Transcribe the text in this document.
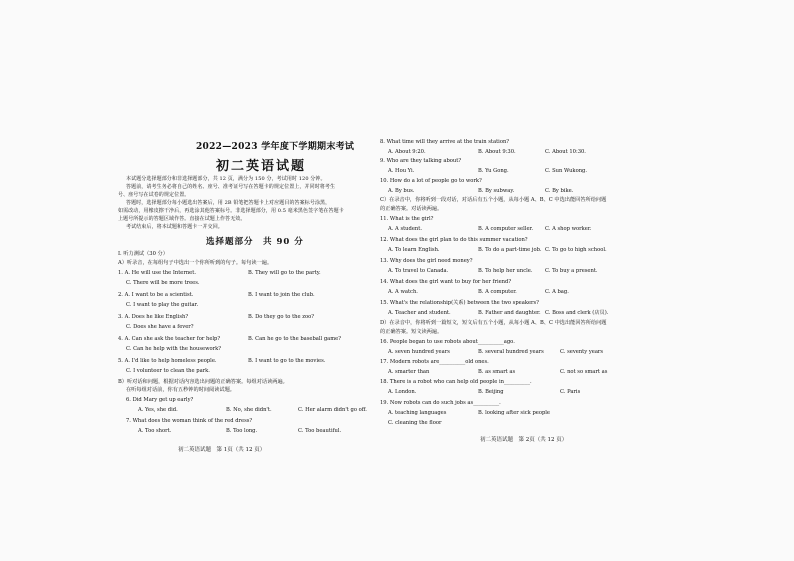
2022—2023 学年度下学期期末考试
初二英语试题
本试题分选择题部分和非选择题部分，共 12 页，满分为 150 分，考试用时 120 分钟。
答题前，请考生务必将自己的姓名、座号、准考证号写在答题卡的规定位置上，并同时将考生
号、座号写在试卷的规定位置。
答题时，选择题部分每小题选出答案后，用 2B 铅笔把答题卡上对应题目的答案标号涂黑，
如需改动，用橡皮擦干净后，再选涂其他答案标号。非选择题部分，用 0.5 毫米黑色签字笔在答题卡
上题号所提示的答题区域作答。直接在试题上作答无效。
考试结束后，将本试题和答题卡一并交回。
选择题部分　共 90 分
Ⅰ. 听力测试（30 分）
A）听录音，在每组句子中选出一个你所听到的句子。每句读一遍。
1. A. He will use the Internet.	B. They will go to the party.
C. There will be more trees.
2. A. I want to be a scientist.	B. I want to join the club.
C. I want to play the guitar.
3. A. Does he like English?	B. Do they go to the zoo?
C. Does she have a fever?
4. A. Can she ask the teacher for help?	B. Can he go to the baseball game?
C. Can he help with the housework?
5. A. I'd like to help homeless people.	B. I want to go to the movies.
C. I volunteer to clean the park.
B）听对话和问题，根据对话内容选出问题的正确答案。每组对话读两遍。
在听每组对话前，你有五秒钟的时间阅读试题。
6. Did Mary get up early?
A. Yes, she did.	B. No, she didn't.	C. Her alarm didn't go off.
7. What does the woman think of the red dress?
A. Too short.	B. Too long.	C. Too beautiful.
初二英语试题　第 1页（共 12 页）
8. What time will they arrive at the train station?
A. About 9:20.	B. About 9:30.	C. About 10:30.
9. Who are they talking about?
A. Hou Yi.	B. Yu Gong.	C. Sun Wukong.
10. How do a lot of people go to work?
A. By bus.	B. By subway.	C. By bike.
C）在录音中，你将听到一段对话，对话后有五个小题，从每小题 A、B、C 中选出能回答所给问题
的正确答案。对话读两遍。
11. What is the girl?
A. A student.	B. A computer seller. C. A shop worker.
12. What does the girl plan to do this summer vacation?
A. To learn English.	B. To do a part-time job. C. To go to high school.
13. Why does the girl need money?
A. To travel to Canada.	B. To help her uncle. C. To buy a present.
14. What does the girl want to buy for her friend?
A. A watch.	B. A computer.	C. A bag.
15. What's the relationship(关系) between the two speakers?
A. Teacher and student.	B. Father and daughter. C. Boss and clerk (店员).
D）在录音中，你将听到一篇短文，短文后有五个小题，从每小题 A、B、C 中选出能回答所给问题
的正确答案。短文读两遍。
16. People began to use robots about__________ago.
A. seven hundred years	B. several hundred years	C. seventy years
17. Modern robots are__________old ones.
A. smarter than	B. as smart as	C. not so smart as
18. There is a robot who can help old people in__________.
A. London.	B. Beijing	C. Paris
19. Now robots can do such jobs as__________.
A. teaching languages	B. looking after sick people
C. cleaning the floor
初二英语试题　第 2页（共 12 页）
